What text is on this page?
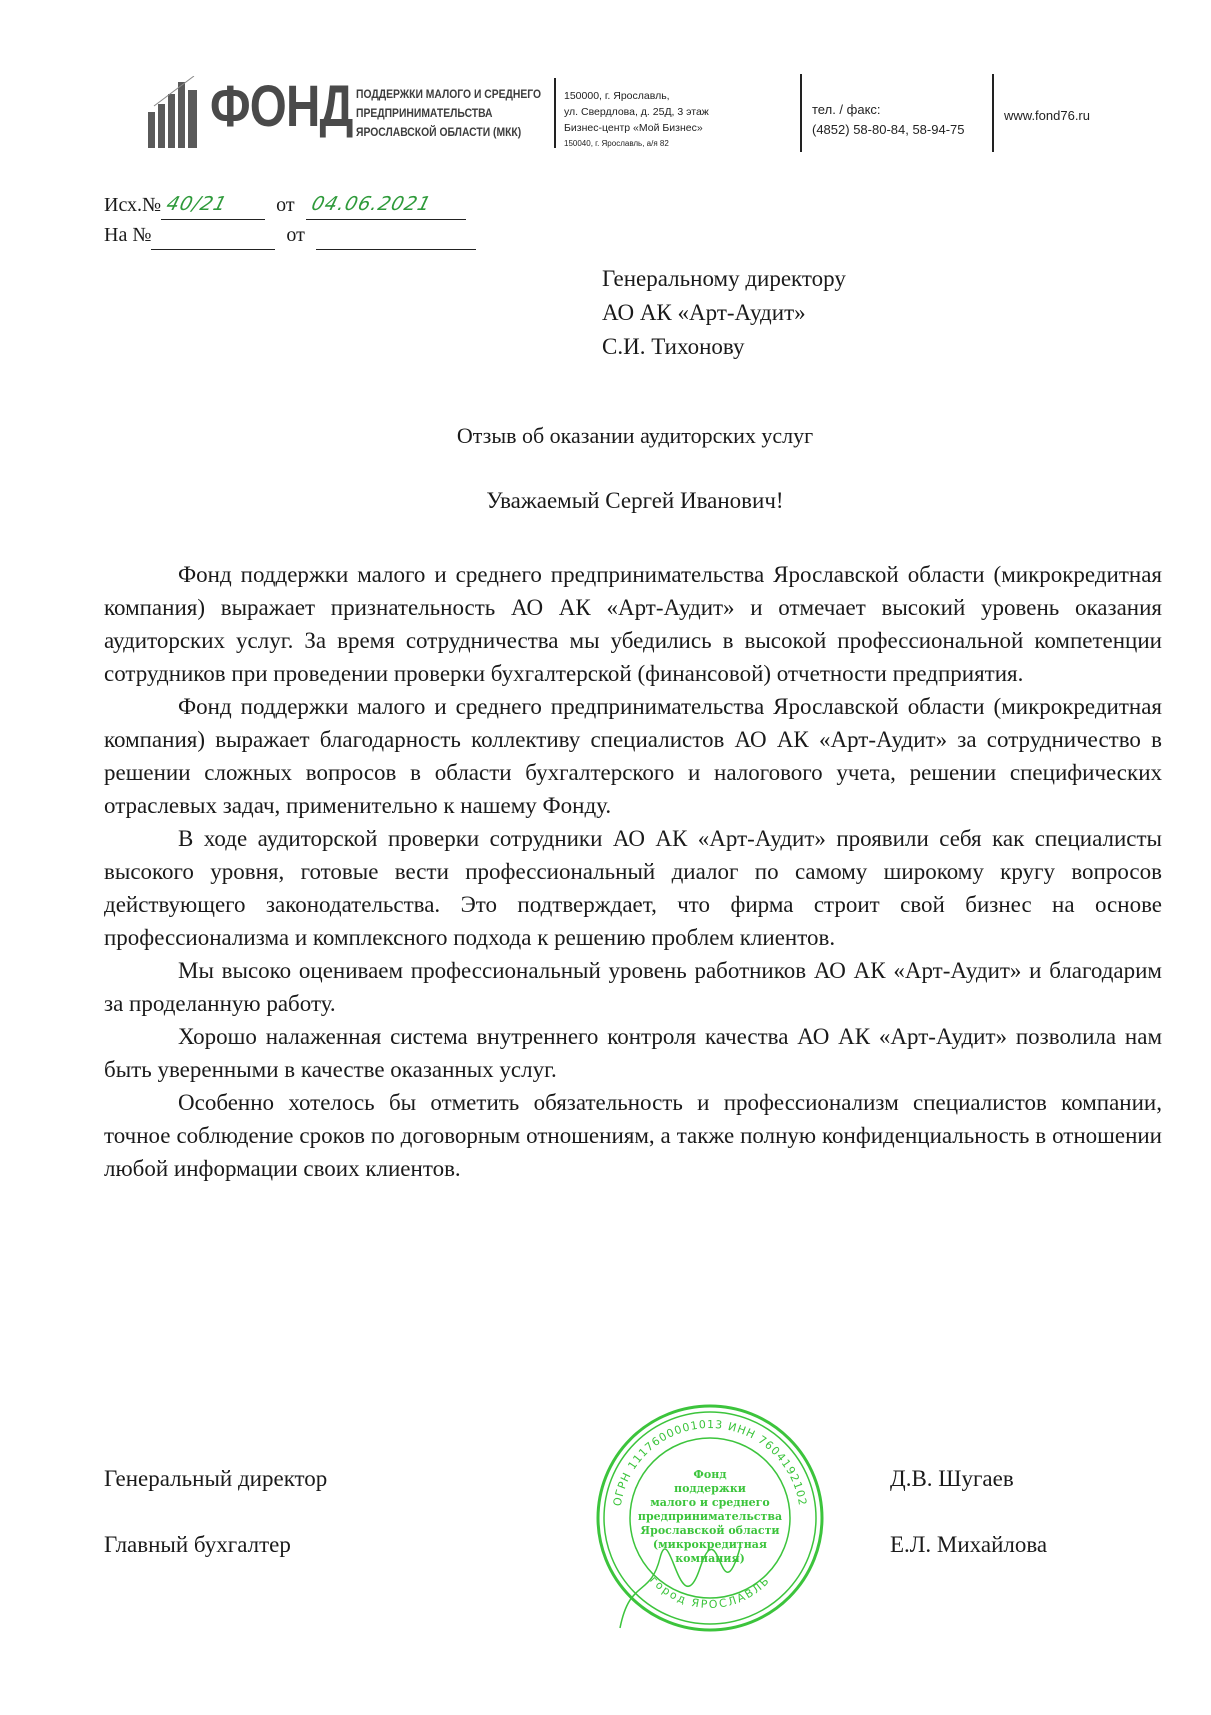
ФОНД ПОДДЕРЖКИ МАЛОГО И СРЕДНЕГО
ПРЕДПРИНИМАТЕЛЬСТВА
ЯРОСЛАВСКОЙ ОБЛАСТИ (МКК)
150000, г. Ярославль,
ул. Свердлова, д. 25Д, 3 этаж
Бизнес-центр «Мой Бизнес»
150040, г. Ярославль, а/я 82
тел. / факс:
(4852) 58-80-84, 58-94-75
www.fond76.ru
Исх.№ 40/21 от 04.06.2021
На №	от
Генеральному директору
АО АК «Арт-Аудит»
С.И. Тихонову
Отзыв об оказании аудиторских услуг
Уважаемый Сергей Иванович!

Фонд поддержки малого и среднего предпринимательства Ярославской области (микрокредитная компания) выражает признательность АО АК «Арт-Аудит» и отмечает высокий уровень оказания аудиторских услуг. За время сотрудничества мы убедились в высокой профессиональной компетенции сотрудников при проведении проверки бухгалтерской (финансовой) отчетности предприятия.

Фонд поддержки малого и среднего предпринимательства Ярославской области (микрокредитная компания) выражает благодарность коллективу специалистов АО АК «Арт-Аудит» за сотрудничество в решении сложных вопросов в области бухгалтерского и налогового учета, решении специфических отраслевых задач, применительно к нашему Фонду.

В ходе аудиторской проверки сотрудники АО АК «Арт-Аудит» проявили себя как специалисты высокого уровня, готовые вести профессиональный диалог по самому широкому кругу вопросов действующего законодательства. Это подтверждает, что фирма строит свой бизнес на основе профессионализма и комплексного подхода к решению проблем клиентов.

Мы высоко оцениваем профессиональный уровень работников АО АК «Арт-Аудит» и благодарим за проделанную работу.

Хорошо налаженная система внутреннего контроля качества АО АК «Арт-Аудит» позволила нам быть уверенными в качестве оказанных услуг.

Особенно хотелось бы отметить обязательность и профессионализм специалистов компании, точное соблюдение сроков по договорным отношениям, а также полную конфиденциальность в отношении любой информации своих клиентов.

Генеральный директор	Д.В. Шугаев
Главный бухгалтер	Е.Л. Михайлова
ОГРН 1117600001013 ИНН 7604192102
город ЯРОСЛАВЛЬ
Фонд
поддержки
малого и среднего
предпринимательства
Ярославской области
(микрокредитная
компания)
